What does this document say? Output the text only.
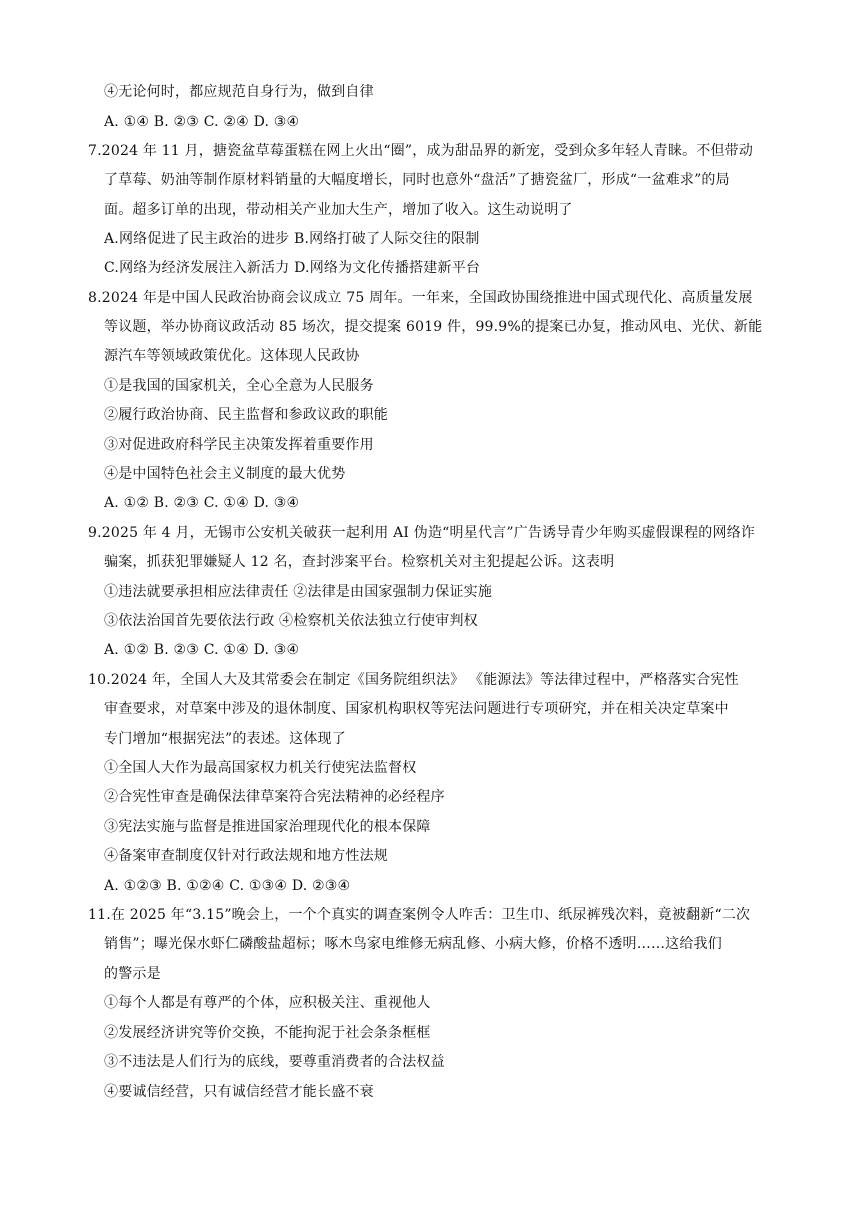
④无论何时，都应规范自身行为，做到自律
A. ①④ B. ②③ C. ②④ D. ③④
7.2024 年 11 月，搪瓷盆草莓蛋糕在网上火出“圈”，成为甜品界的新宠，受到众多年轻人青睐。不但带动
了草莓、奶油等制作原材料销量的大幅度增长，同时也意外“盘活”了搪瓷盆厂，形成“一盆难求”的局
面。超多订单的出现，带动相关产业加大生产，增加了收入。这生动说明了
A.网络促进了民主政治的进步 B.网络打破了人际交往的限制
C.网络为经济发展注入新活力 D.网络为文化传播搭建新平台
8.2024 年是中国人民政治协商会议成立 75 周年。一年来，全国政协围绕推进中国式现代化、高质量发展
等议题，举办协商议政活动 85 场次，提交提案 6019 件，99.9%的提案已办复，推动风电、光伏、新能
源汽车等领域政策优化。这体现人民政协
①是我国的国家机关，全心全意为人民服务
②履行政治协商、民主监督和参政议政的职能
③对促进政府科学民主决策发挥着重要作用
④是中国特色社会主义制度的最大优势
A. ①② B. ②③ C. ①④ D. ③④
9.2025 年 4 月，无锡市公安机关破获一起利用 AI 伪造“明星代言”广告诱导青少年购买虚假课程的网络诈
骗案，抓获犯罪嫌疑人 12 名，查封涉案平台。检察机关对主犯提起公诉。这表明
①违法就要承担相应法律责任 ②法律是由国家强制力保证实施
③依法治国首先要依法行政 ④检察机关依法独立行使审判权
A. ①② B. ②③ C. ①④ D. ③④
10.2024 年，全国人大及其常委会在制定《国务院组织法》 《能源法》等法律过程中，严格落实合宪性
审查要求，对草案中涉及的退休制度、国家机构职权等宪法问题进行专项研究，并在相关决定草案中
专门增加“根据宪法”的表述。这体现了
①全国人大作为最高国家权力机关行使宪法监督权
②合宪性审查是确保法律草案符合宪法精神的必经程序
③宪法实施与监督是推进国家治理现代化的根本保障
④备案审查制度仅针对行政法规和地方性法规
A. ①②③ B. ①②④ C. ①③④ D. ②③④
11.在 2025 年“3.15”晚会上，一个个真实的调查案例令人咋舌：卫生巾、纸尿裤残次料，竟被翻新“二次
销售”；曝光保水虾仁磷酸盐超标；啄木鸟家电维修无病乱修、小病大修，价格不透明……这给我们
的警示是
①每个人都是有尊严的个体，应积极关注、重视他人
②发展经济讲究等价交换，不能拘泥于社会条条框框
③不违法是人们行为的底线，要尊重消费者的合法权益
④要诚信经营，只有诚信经营才能长盛不衰
